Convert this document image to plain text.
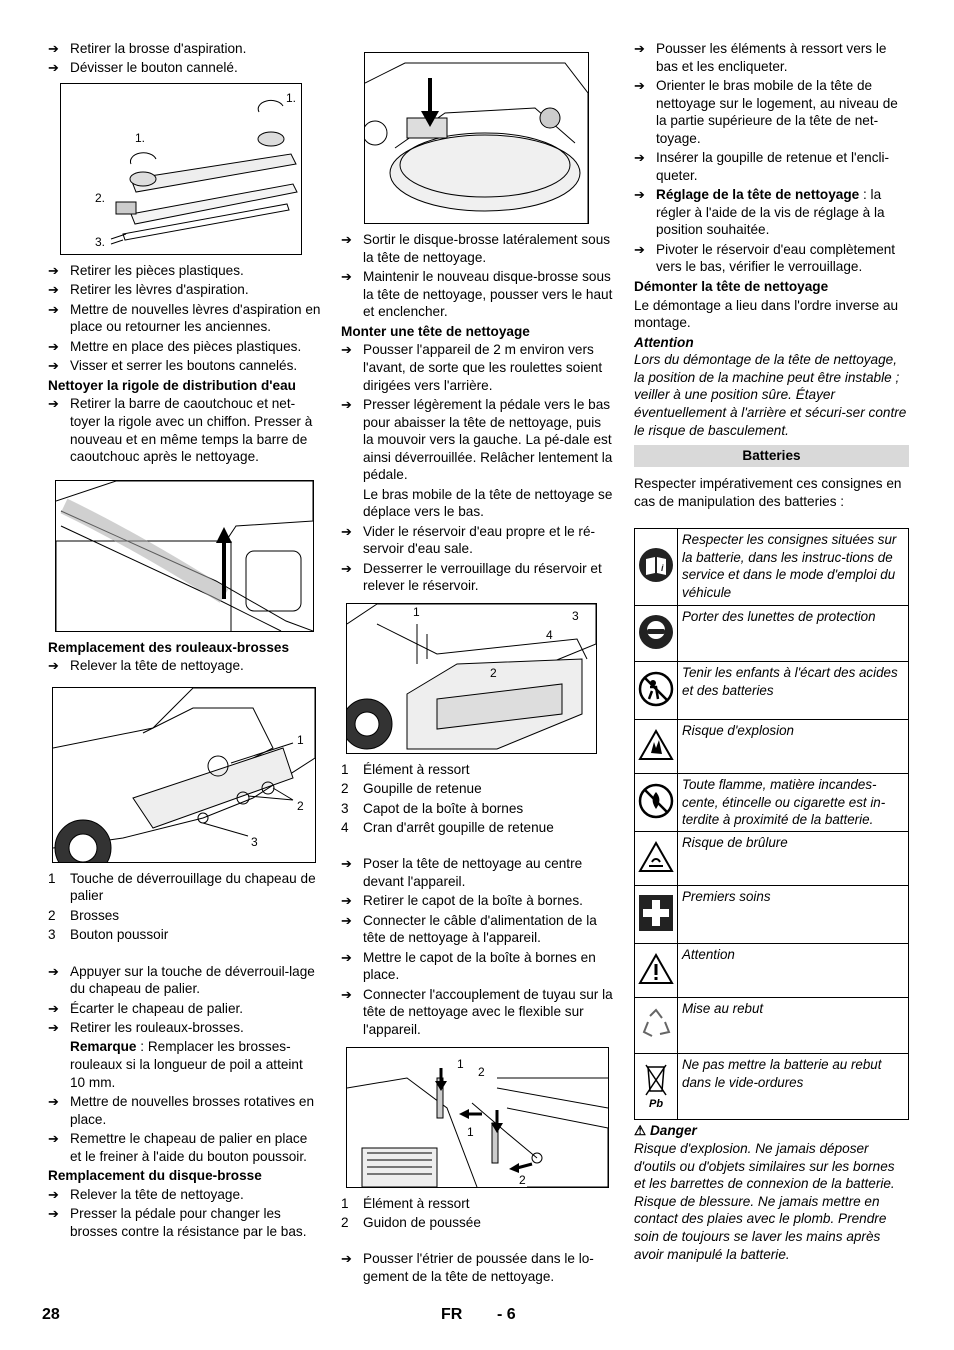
➔ Retirer la brosse d'aspiration.
➔ Dévisser le bouton cannelé.
1.
1.
2.
3.
➔ Retirer les pièces plastiques.
➔ Retirer les lèvres d'aspiration.
➔ Mettre de nouvelles lèvres d'aspiration en place ou retourner les anciennes.
➔ Mettre en place des pièces plastiques.
➔ Visser et serrer les boutons cannelés.

Nettoyer la rigole de distribution d'eau

➔ Retirer la barre de caoutchouc et net-toyer la rigole avec un chiffon. Presser à nouveau et en même temps la barre de caoutchouc après le nettoyage.

Remplacement des rouleaux-brosses

➔ Relever la tête de nettoyage.
1
2
3
1 Touche de déverrouillage du chapeau de palier
2 Brosses
3 Bouton poussoir
➔ Appuyer sur la touche de déverrouil-lage du chapeau de palier.
➔ Écarter le chapeau de palier.
➔ Retirer les rouleaux-brosses.
Remarque : Remplacer les brosses-rouleaux si la longueur de poil a atteint 10 mm.
➔ Mettre de nouvelles brosses rotatives en place.
➔ Remettre le chapeau de palier en place et le freiner à l'aide du bouton poussoir.

Remplacement du disque-brosse

➔ Relever la tête de nettoyage.
➔ Presser la pédale pour changer les brosses contre la résistance par le bas.
➔ Sortir le disque-brosse latéralement sous la tête de nettoyage.
➔ Maintenir le nouveau disque-brosse sous la tête de nettoyage, pousser vers le haut et enclencher.

Monter une tête de nettoyage

➔ Pousser l'appareil de 2 m environ vers l'avant, de sorte que les roulettes soient dirigées vers l'arrière.
➔ Presser légèrement la pédale vers le bas pour abaisser la tête de nettoyage, puis la mouvoir vers la gauche. La pé-dale est ainsi déverrouillée. Relâcher lentement la pédale.
Le bras mobile de la tête de nettoyage se déplace vers le bas.
➔ Vider le réservoir d'eau propre et le ré-servoir d'eau sale.
➔ Desserrer le verrouillage du réservoir et relever le réservoir.
1
2
3
4
1 Élément à ressort
2 Goupille de retenue
3 Capot de la boîte à bornes
4 Cran d'arrêt goupille de retenue
➔ Poser la tête de nettoyage au centre devant l'appareil.
➔ Retirer le capot de la boîte à bornes.
➔ Connecter le câble d'alimentation de la tête de nettoyage à l'appareil.
➔ Mettre le capot de la boîte à bornes en place.
➔ Connecter l'accouplement de tuyau sur la tête de nettoyage avec le flexible sur l'appareil.
1
2
1
2
1 Élément à ressort
2 Guidon de poussée
➔ Pousser l'étrier de poussée dans le lo-gement de la tête de nettoyage.
➔ Pousser les éléments à ressort vers le bas et les encliqueter.
➔ Orienter le bras mobile de la tête de nettoyage sur le logement, au niveau de la partie supérieure de la tête de net-toyage.
➔ Insérer la goupille de retenue et l'encli-queter.
➔ Réglage de la tête de nettoyage : la régler à l'aide de la vis de réglage à la position souhaitée.
➔ Pivoter le réservoir d'eau complètement vers le bas, vérifier le verrouillage.

Démonter la tête de nettoyage

Le démontage a lieu dans l'ordre inverse au montage.

Attention

Lors du démontage de la tête de nettoyage, la position de la machine peut être instable ; veiller à une position sûre. Étayer éventuellement à l'arrière et sécuri-ser contre le risque de basculement.

Batteries

Respecter impérativement ces consignes en cas de manipulation des batteries :

i	Respecter les consignes situées sur la batterie, dans les instruc-tions de service et dans le mode d'emploi du véhicule
	Porter des lunettes de protection
	Tenir les enfants à l'écart des acides et des batteries
	Risque d'explosion
	Toute flamme, matière incandes-cente, étincelle ou cigarette est in-terdite à proximité de la batterie.
	Risque de brûlure
	Premiers soins
	Attention
	Mise au rebut

Pb	Ne pas mettre la batterie au rebut dans le vide-ordures

⚠ Danger

Risque d'explosion. Ne jamais déposer d'outils ou d'objets similaires sur les bornes et les barrettes de connexion de la batterie. Risque de blessure. Ne jamais mettre en contact des plaies avec le plomb. Prendre soin de toujours se laver les mains après avoir manipulé la batterie.

28	FR - 6
